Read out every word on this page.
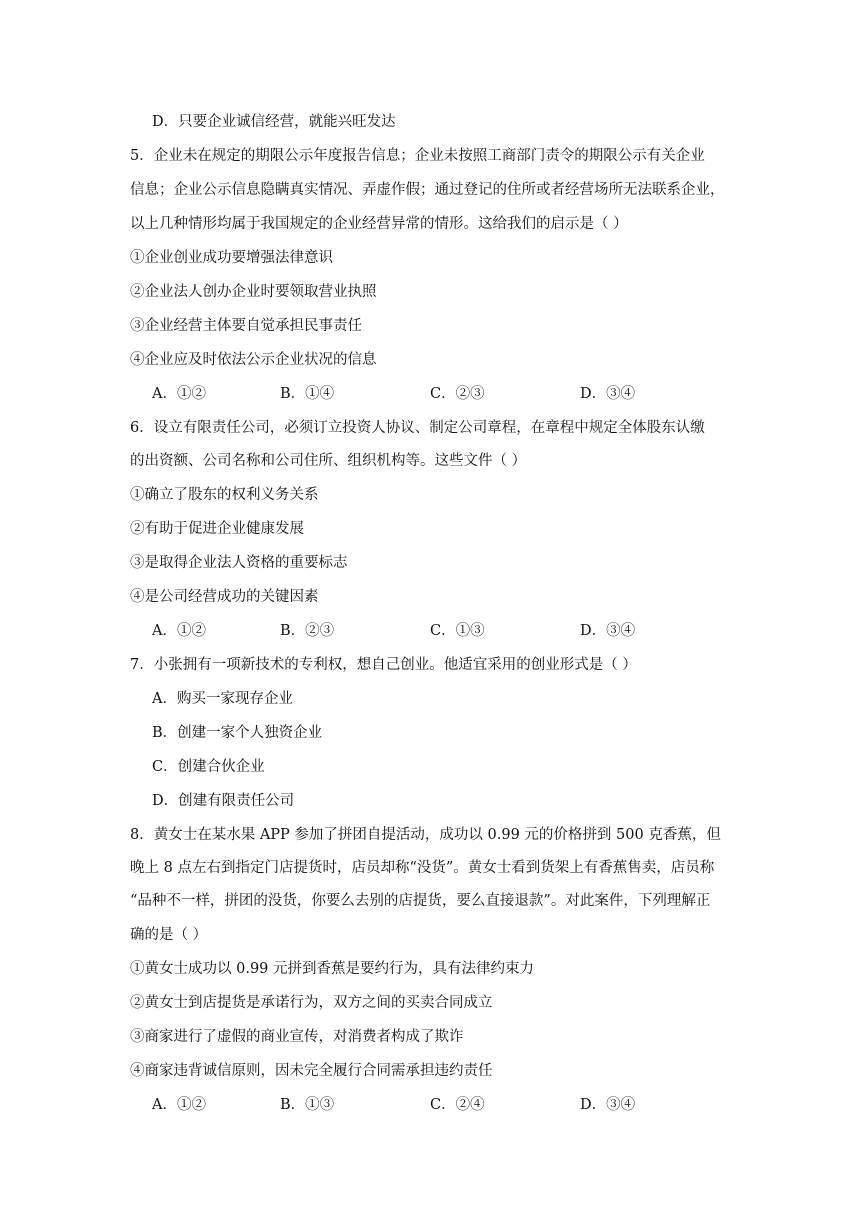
D．只要企业诚信经营，就能兴旺发达
5．企业未在规定的期限公示年度报告信息；企业未按照工商部门责令的期限公示有关企业
信息；企业公示信息隐瞒真实情况、弄虚作假；通过登记的住所或者经营场所无法联系企业，
以上几种情形均属于我国规定的企业经营异常的情形。这给我们的启示是（ ）
①企业创业成功要增强法律意识
②企业法人创办企业时要领取营业执照
③企业经营主体要自觉承担民事责任
④企业应及时依法公示企业状况的信息
A．①②	B．①④	C．②③	D．③④
6．设立有限责任公司，必须订立投资人协议、制定公司章程，在章程中规定全体股东认缴
的出资额、公司名称和公司住所、组织机构等。这些文件（ ）
①确立了股东的权利义务关系
②有助于促进企业健康发展
③是取得企业法人资格的重要标志
④是公司经营成功的关键因素
A．①②	B．②③	C．①③	D．③④
7．小张拥有一项新技术的专利权，想自己创业。他适宜采用的创业形式是（ ）
A．购买一家现存企业
B．创建一家个人独资企业
C．创建合伙企业
D．创建有限责任公司
8．黄女士在某水果 APP 参加了拼团自提活动，成功以 0.99 元的价格拼到 500 克香蕉，但
晚上 8 点左右到指定门店提货时，店员却称“没货”。黄女士看到货架上有香蕉售卖，店员称
“品种不一样，拼团的没货，你要么去别的店提货，要么直接退款”。对此案件，下列理解正
确的是（ ）
①黄女士成功以 0.99 元拼到香蕉是要约行为，具有法律约束力
②黄女士到店提货是承诺行为，双方之间的买卖合同成立
③商家进行了虚假的商业宣传，对消费者构成了欺诈
④商家违背诚信原则，因未完全履行合同需承担违约责任
A．①②	B．①③	C．②④	D．③④
